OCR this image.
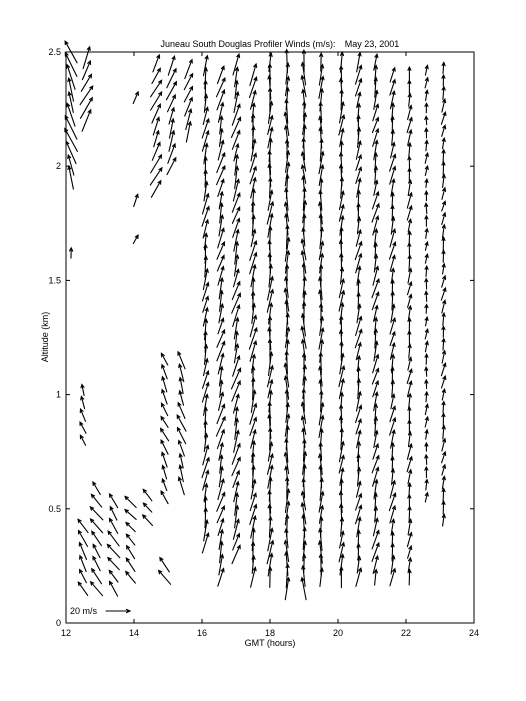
Juneau South Douglas Profiler Winds (m/s): May 23, 2001
12	14	16	18	20	22	24
0
0.5
1
1.5
2
2.5
GMT (hours)
Altitude (km)
20 m/s
